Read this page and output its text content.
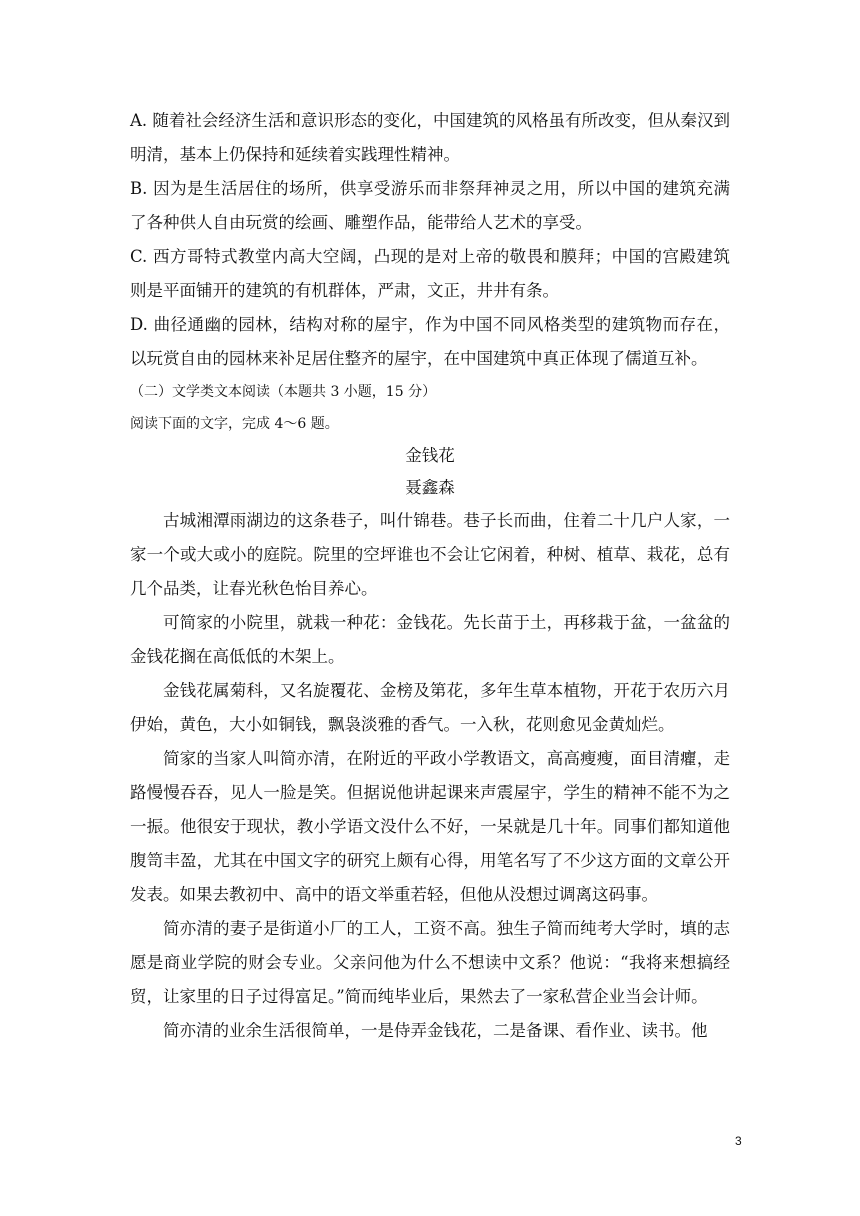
A. 随着社会经济生活和意识形态的变化，中国建筑的风格虽有所改变，但从秦汉到明清，基本上仍保持和延续着实践理性精神。

B. 因为是生活居住的场所，供享受游乐而非祭拜神灵之用，所以中国的建筑充满了各种供人自由玩赏的绘画、雕塑作品，能带给人艺术的享受。

C. 西方哥特式教堂内高大空阔，凸现的是对上帝的敬畏和膜拜；中国的宫殿建筑则是平面铺开的建筑的有机群体，严肃，文正，井井有条。

D. 曲径通幽的园林，结构对称的屋宇，作为中国不同风格类型的建筑物而存在，以玩赏自由的园林来补足居住整齐的屋宇，在中国建筑中真正体现了儒道互补。

（二）文学类文本阅读（本题共 3 小题，15 分）

阅读下面的文字，完成 4～6 题。

金钱花

聂鑫森

古城湘潭雨湖边的这条巷子，叫什锦巷。巷子长而曲，住着二十几户人家，一家一个或大或小的庭院。院里的空坪谁也不会让它闲着，种树、植草、栽花，总有几个品类，让春光秋色怡目养心。

可简家的小院里，就栽一种花：金钱花。先长苗于土，再移栽于盆，一盆盆的金钱花搁在高低低的木架上。

金钱花属菊科，又名旋覆花、金榜及第花，多年生草本植物，开花于农历六月伊始，黄色，大小如铜钱，飘袅淡雅的香气。一入秋，花则愈见金黄灿烂。

简家的当家人叫简亦清，在附近的平政小学教语文，高高瘦瘦，面目清癯，走路慢慢吞吞，见人一脸是笑。但据说他讲起课来声震屋宇，学生的精神不能不为之一振。他很安于现状，教小学语文没什么不好，一呆就是几十年。同事们都知道他腹笥丰盈，尤其在中国文字的研究上颇有心得，用笔名写了不少这方面的文章公开发表。如果去教初中、高中的语文举重若轻，但他从没想过调离这码事。

简亦清的妻子是街道小厂的工人，工资不高。独生子简而纯考大学时，填的志愿是商业学院的财会专业。父亲问他为什么不想读中文系？他说：“我将来想搞经贸，让家里的日子过得富足。”简而纯毕业后，果然去了一家私营企业当会计师。

简亦清的业余生活很简单，一是侍弄金钱花，二是备课、看作业、读书。他

3
